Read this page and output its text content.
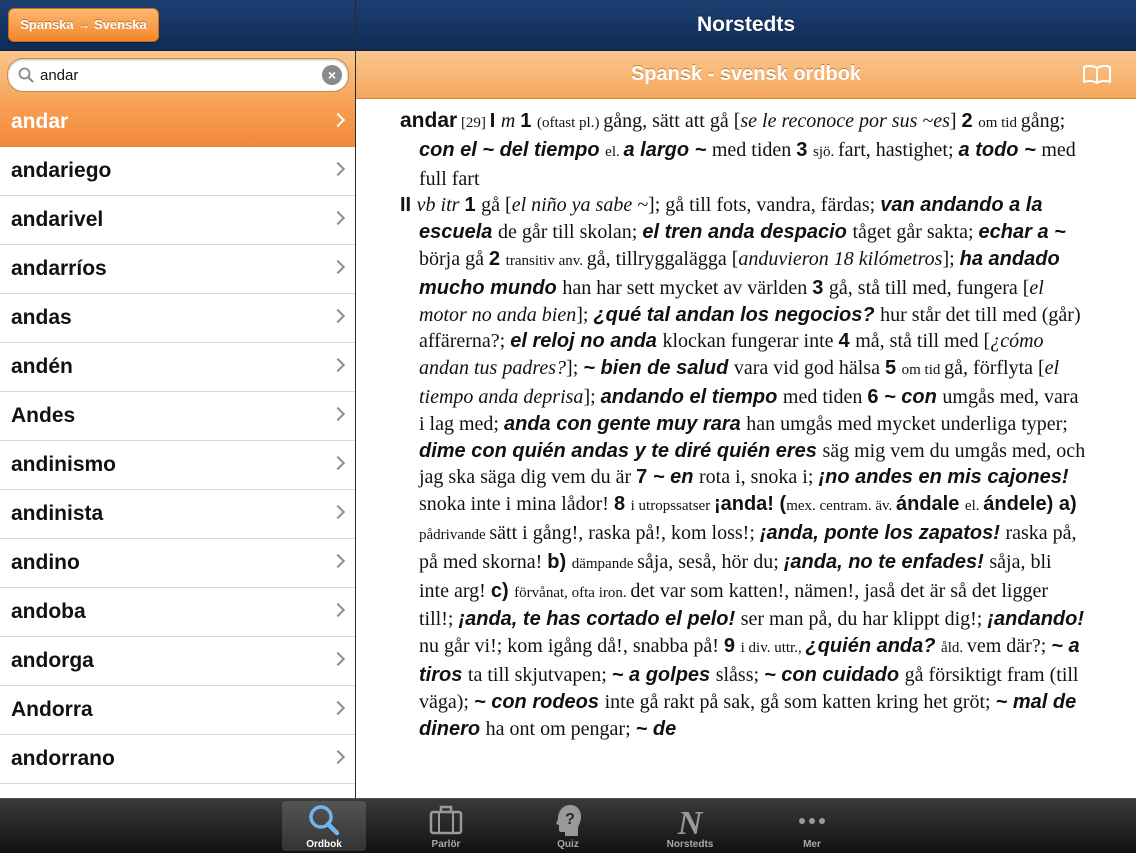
Spanska → Svenska	Norstedts
andar
×
andar
andariego
andarivel
andarríos
andas
andén
Andes
andinismo
andinista
andino
andoba
andorga
Andorra
andorrano
Spansk - svensk ordbok

andar [29] I m 1 (oftast pl.) gång, sätt att gå [se le reconoce por sus ~es] 2 om tid gång; con el ~ del tiempo el. a largo ~ med tiden 3 sjö. fart, hastighet; a todo ~ med full fart

II vb itr 1 gå [el niño ya sabe ~]; gå till fots, vandra, färdas; van andando a la escuela de går till skolan; el tren anda despacio tåget går sakta; echar a ~ börja gå 2 transitiv anv. gå, tillryggalägga [anduvieron 18 kilómetros]; ha andado mucho mundo han har sett mycket av världen 3 gå, stå till med, fungera [el motor no anda bien]; ¿qué tal andan los negocios? hur står det till med (går) affärerna?; el reloj no anda klockan fungerar inte 4 må, stå till med [¿cómo andan tus padres?]; ~ bien de salud vara vid god hälsa 5 om tid gå, förflyta [el tiempo anda deprisa]; andando el tiempo med tiden 6 ~ con umgås med, vara i lag med; anda con gente muy rara han umgås med mycket underliga typer; dime con quién andas y te diré quién eres säg mig vem du umgås med, och jag ska säga dig vem du är 7 ~ en rota i, snoka i; ¡no andes en mis cajones! snoka inte i mina lådor! 8 i utropssatser ¡anda! (mex. centram. äv. ándale el. ándele) a) pådrivande sätt i gång!, raska på!, kom loss!; ¡anda, ponte los zapatos! raska på, på med skorna! b) dämpande såja, seså, hör du; ¡anda, no te enfades! såja, bli inte arg! c) förvånat, ofta iron. det var som katten!, nämen!, jaså det är så det ligger till!; ¡anda, te has cortado el pelo! ser man på, du har klippt dig!; ¡andando! nu går vi!; kom igång då!, snabba på! 9 i div. uttr., ¿quién anda? åld. vem där?; ~ a tiros ta till skjutvapen; ~ a golpes slåss; ~ con cuidado gå försiktigt fram (till väga); ~ con rodeos inte gå rakt på sak, gå som katten kring het gröt; ~ mal de dinero ha ont om pengar; ~ de

Ordbok	Parlör
?
Quiz
N
Norstedts	Mer
